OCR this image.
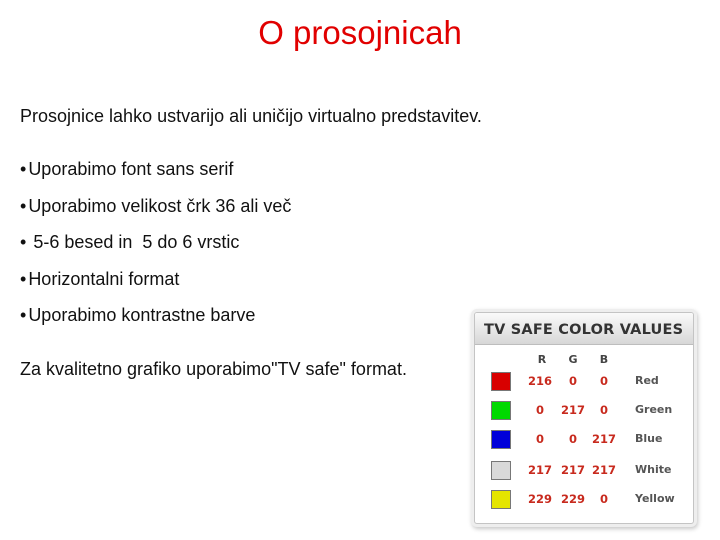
O prosojnicah
Prosojnice lahko ustvarijo ali uničijo virtualno predstavitev.
• Uporabimo font sans serif
• Uporabimo velikost črk 36 ali več
•  5-6 besed in  5 do 6 vrstic
• Horizontalni format
• Uporabimo kontrastne barve
Za kvalitetno grafiko uporabimo"TV safe" format.
TV SAFE COLOR VALUES
R	G	B
216	0	0	Red
0	217	0	Green
0	0	217 Blue
217 217 217 White
229 229	0	Yellow
